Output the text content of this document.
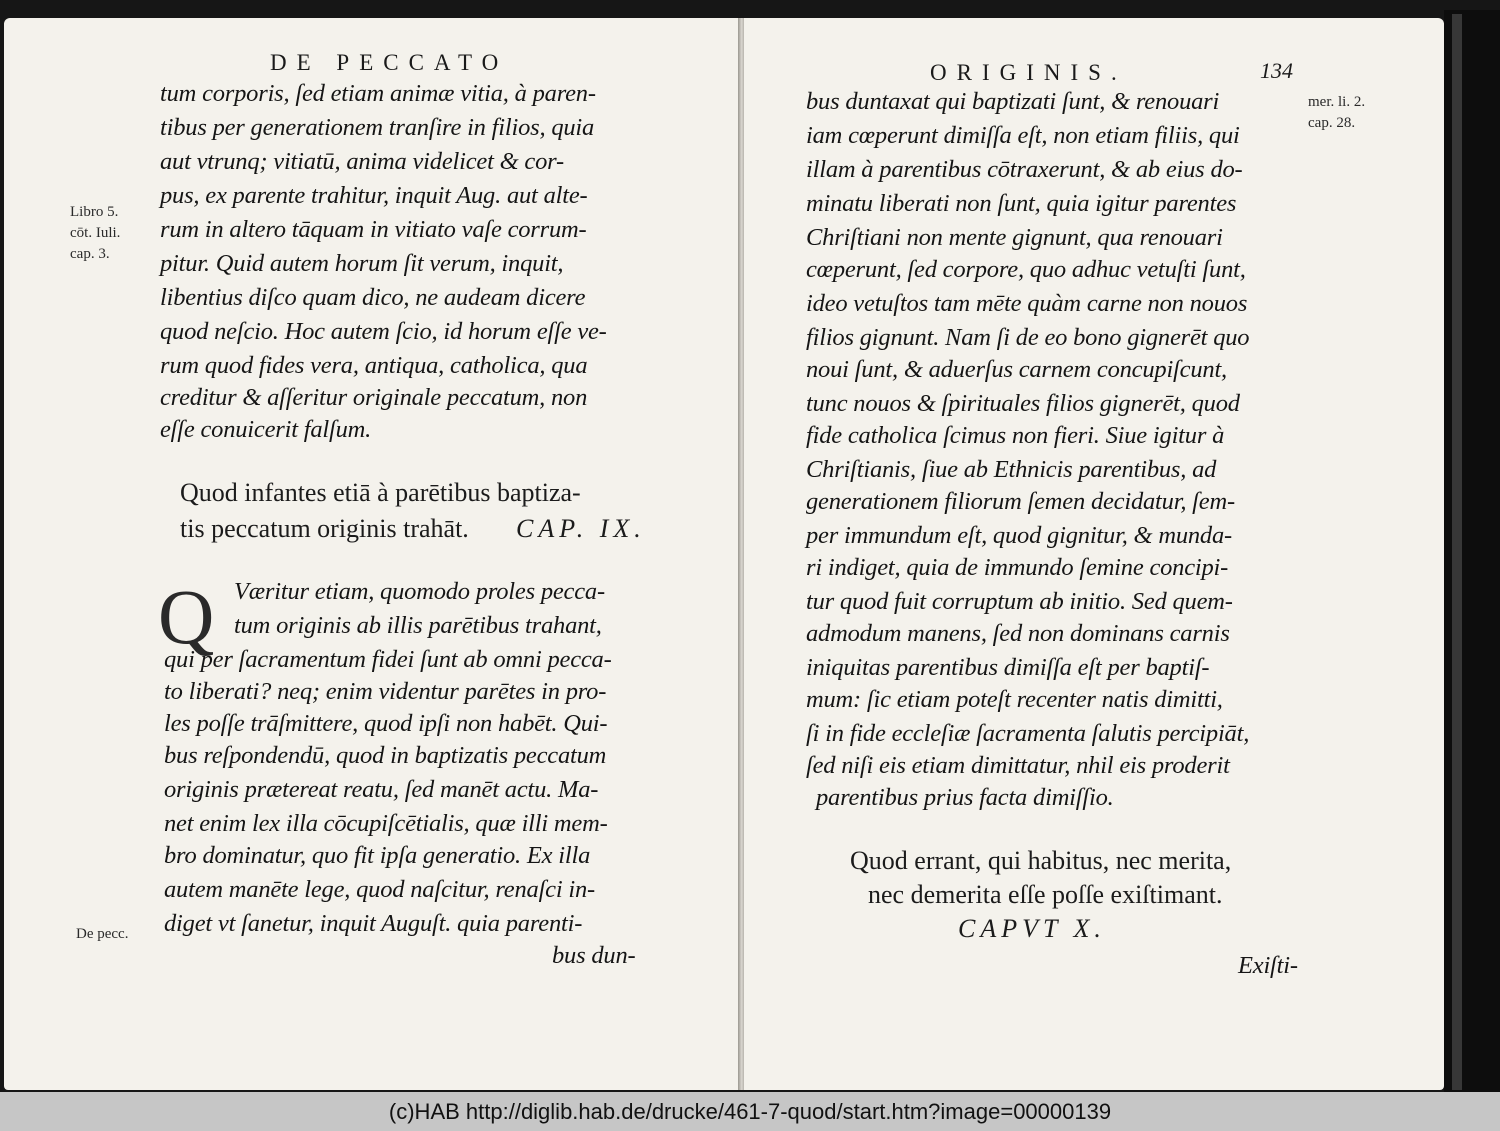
DE PECCATO
Libro 5.
cōt. Iuli.
cap. 3.
De pecc.
tum corporis, ſed etiam animæ vitia, à paren-
tibus per generationem tranſire in filios, quia
aut vtrunq; vitiatū, anima videlicet & cor-
pus, ex parente trahitur, inquit Aug. aut alte-
rum in altero tāquam in vitiato vaſe corrum-
pitur. Quid autem horum ſit verum, inquit,
libentius diſco quam dico, ne audeam dicere
quod neſcio. Hoc autem ſcio, id horum eſſe ve-
rum quod fides vera, antiqua, catholica, qua
creditur & aſſeritur originale peccatum, non
eſſe conuicerit falſum.
Quod infantes etiā à parētibus baptiza-
tis peccatum originis trahāt. CAP. IX.
Q Væritur etiam, quomodo proles pecca-
tum originis ab illis parētibus trahant,
qui per ſacramentum fidei ſunt ab omni pecca-
to liberati? neq; enim videntur parētes in pro-
les poſſe trāſmittere, quod ipſi non habēt. Qui-
bus reſpondendū, quod in baptizatis peccatum
originis prætereat reatu, ſed manēt actu. Ma-
net enim lex illa cōcupiſcētialis, quæ illi mem-
bro dominatur, quo fit ipſa generatio. Ex illa
autem manēte lege, quod naſcitur, renaſci in-
diget vt ſanetur, inquit Auguſt. quia parenti-
bus dun-
ORIGINIS.	134
mer. li. 2.
cap. 28.
bus duntaxat qui baptizati ſunt, & renouari
iam cœperunt dimiſſa eſt, non etiam filiis, qui
illam à parentibus cōtraxerunt, & ab eius do-
minatu liberati non ſunt, quia igitur parentes
Chriſtiani non mente gignunt, qua renouari
cœperunt, ſed corpore, quo adhuc vetuſti ſunt,
ideo vetuſtos tam mēte quàm carne non nouos
filios gignunt. Nam ſi de eo bono gignerēt quo
noui ſunt, & aduerſus carnem concupiſcunt,
tunc nouos & ſpirituales filios gignerēt, quod
fide catholica ſcimus non fieri. Siue igitur à
Chriſtianis, ſiue ab Ethnicis parentibus, ad
generationem filiorum ſemen decidatur, ſem-
per immundum eſt, quod gignitur, & munda-
ri indiget, quia de immundo ſemine concipi-
tur quod fuit corruptum ab initio. Sed quem-
admodum manens, ſed non dominans carnis
iniquitas parentibus dimiſſa eſt per baptiſ-
mum: ſic etiam poteſt recenter natis dimitti,
ſi in fide eccleſiæ ſacramenta ſalutis percipiāt,
ſed niſi eis etiam dimittatur, nhil eis proderit
parentibus prius facta dimiſſio.
Quod errant, qui habitus, nec merita,
nec demerita eſſe poſſe exiſtimant.
CAPVT X.
Exiſti-
(c)HAB http://diglib.hab.de/drucke/461-7-quod/start.htm?image=00000139
